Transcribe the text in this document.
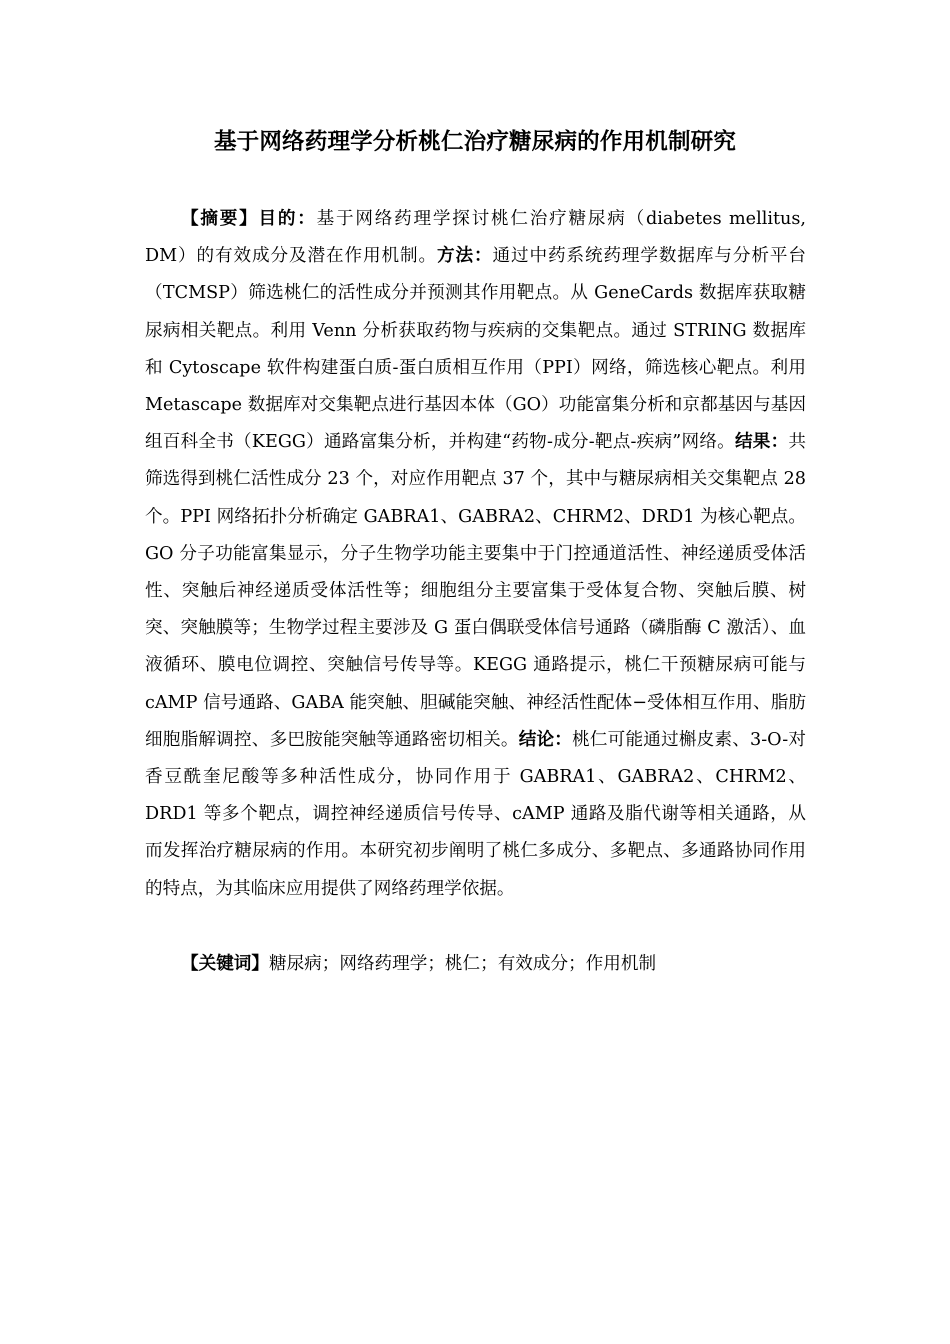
基于网络药理学分析桃仁治疗糖尿病的作用机制研究

【摘要】目的：基于网络药理学探讨桃仁治疗糖尿病（diabetes mellitus, DM）的有效成分及潜在作用机制。方法：通过中药系统药理学数据库与分析平台（TCMSP）筛选桃仁的活性成分并预测其作用靶点。从 GeneCards 数据库获取糖尿病相关靶点。利用 Venn 分析获取药物与疾病的交集靶点。通过 STRING 数据库和 Cytoscape 软件构建蛋白质-蛋白质相互作用（PPI）网络，筛选核心靶点。利用 Metascape 数据库对交集靶点进行基因本体（GO）功能富集分析和京都基因与基因组百科全书（KEGG）通路富集分析，并构建“药物-成分-靶点-疾病”网络。结果：共筛选得到桃仁活性成分 23 个，对应作用靶点 37 个，其中与糖尿病相关交集靶点 28 个。PPI 网络拓扑分析确定 GABRA1、GABRA2、CHRM2、DRD1 为核心靶点。GO 分子功能富集显示，分子生物学功能主要集中于门控通道活性、神经递质受体活性、突触后神经递质受体活性等；细胞组分主要富集于受体复合物、突触后膜、树突、突触膜等；生物学过程主要涉及 G 蛋白偶联受体信号通路（磷脂酶 C 激活）、血液循环、膜电位调控、突触信号传导等。KEGG 通路提示，桃仁干预糖尿病可能与 cAMP 信号通路、GABA 能突触、胆碱能突触、神经活性配体−受体相互作用、脂肪细胞脂解调控、多巴胺能突触等通路密切相关。结论：桃仁可能通过槲皮素、3-O-对香豆酰奎尼酸等多种活性成分，协同作用于 GABRA1、GABRA2、CHRM2、DRD1 等多个靶点，调控神经递质信号传导、cAMP 通路及脂代谢等相关通路，从而发挥治疗糖尿病的作用。本研究初步阐明了桃仁多成分、多靶点、多通路协同作用的特点，为其临床应用提供了网络药理学依据。

【关键词】糖尿病；网络药理学；桃仁；有效成分；作用机制
